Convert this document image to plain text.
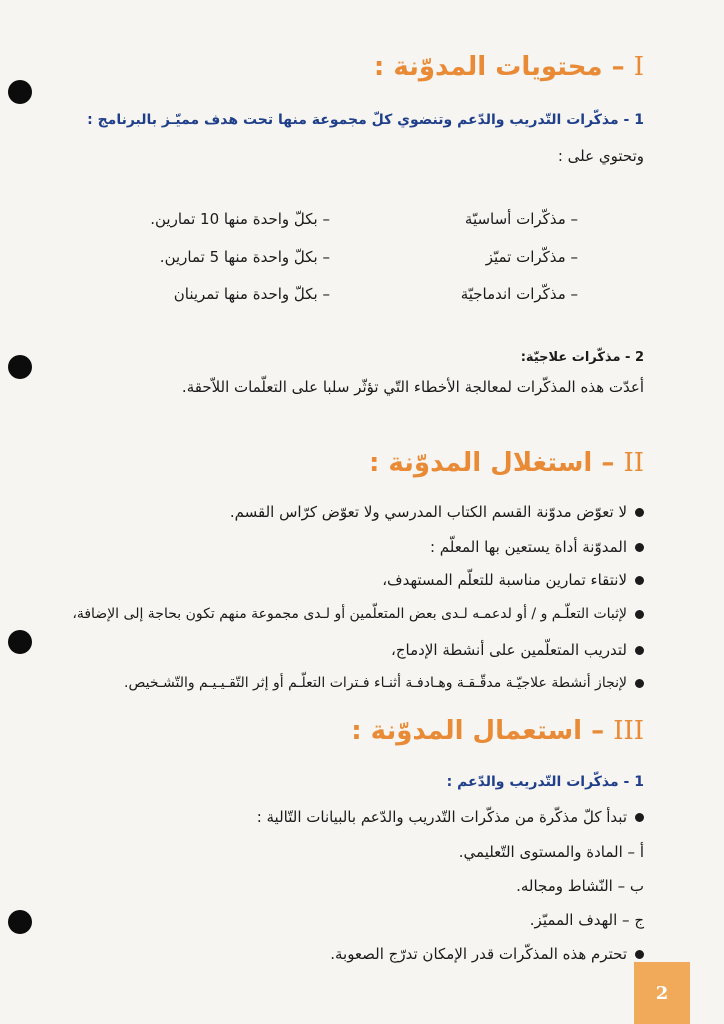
I – محتويات المدوّنة :
1 - مذكّرات التّدريب والدّعم وتنضوي كلّ مجموعة منها تحت هدف مميّـز بالبرنامج :
وتحتوي على :
– مذكّرات أساسيّة
– بكلّ واحدة منها 10 تمارين.
– مذكّرات تميّز
– بكلّ واحدة منها 5 تمارين.
– مذكّرات اندماجيّة
– بكلّ واحدة منها تمرينان
2 - مذكّرات علاجيّة:
أعدّت هذه المذكّرات لمعالجة الأخطاء التّي تؤثّر سلبا على التعلّمات اللاّحقة.
II – استغلال المدوّنة :
لا تعوّض مدوّنة القسم الكتاب المدرسي ولا تعوّض كرّاس القسم.
المدوّنة أداة يستعين بها المعلّم :
لانتقاء تمارين مناسبة للتعلّم المستهدف،
لإثبات التعلّـم و / أو لدعمـه لـدى بعض المتعلّمين أو لـدى مجموعة منهم تكون بحاجة إلى الإضافة،
لتدريب المتعلّمين على أنشطة الإدماج،
لإنجاز أنشطة علاجيّـة مدقّـقـة وهـادفـة أثنـاء فـترات التعلّـم أو إثر التّقـيـيـم والتّشـخيص.
III – استعمال المدوّنة :
1 - مذكّرات التّدريب والدّعم :
تبدأ كلّ مذكّرة من مذكّرات التّدريب والدّعم بالبيانات التّالية :
أ – المادة والمستوى التّعليمي.
ب – النّشاط ومجاله.
ج – الهدف المميّز.
تحترم هذه المذكّرات قدر الإمكان تدرّج الصعوبة.
2
